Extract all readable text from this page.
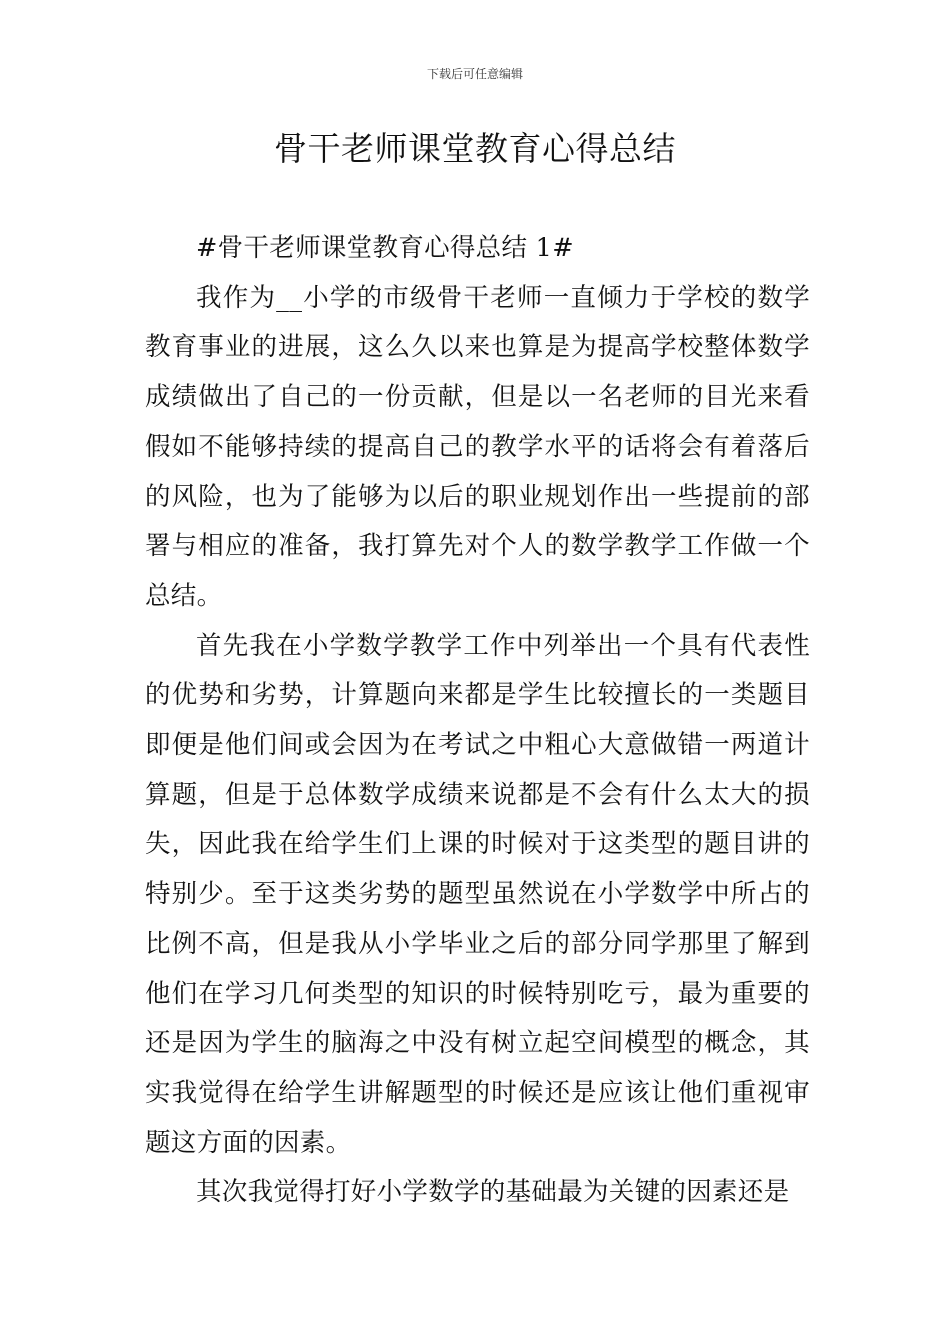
下载后可任意编辑
骨干老师课堂教育心得总结

#骨干老师课堂教育心得总结 1#

我作为__小学的市级骨干老师一直倾力于学校的数学教育事业的进展，这么久以来也算是为提高学校整体数学成绩做出了自己的一份贡献，但是以一名老师的目光来看假如不能够持续的提高自己的教学水平的话将会有着落后的风险，也为了能够为以后的职业规划作出一些提前的部署与相应的准备，我打算先对个人的数学教学工作做一个总结。

首先我在小学数学教学工作中列举出一个具有代表性的优势和劣势，计算题向来都是学生比较擅长的一类题目即便是他们间或会因为在考试之中粗心大意做错一两道计算题，但是于总体数学成绩来说都是不会有什么太大的损失，因此我在给学生们上课的时候对于这类型的题目讲的特别少。至于这类劣势的题型虽然说在小学数学中所占的比例不高，但是我从小学毕业之后的部分同学那里了解到他们在学习几何类型的知识的时候特别吃亏，最为重要的还是因为学生的脑海之中没有树立起空间模型的概念，其实我觉得在给学生讲解题型的时候还是应该让他们重视审题这方面的因素。

其次我觉得打好小学数学的基础最为关键的因素还是
